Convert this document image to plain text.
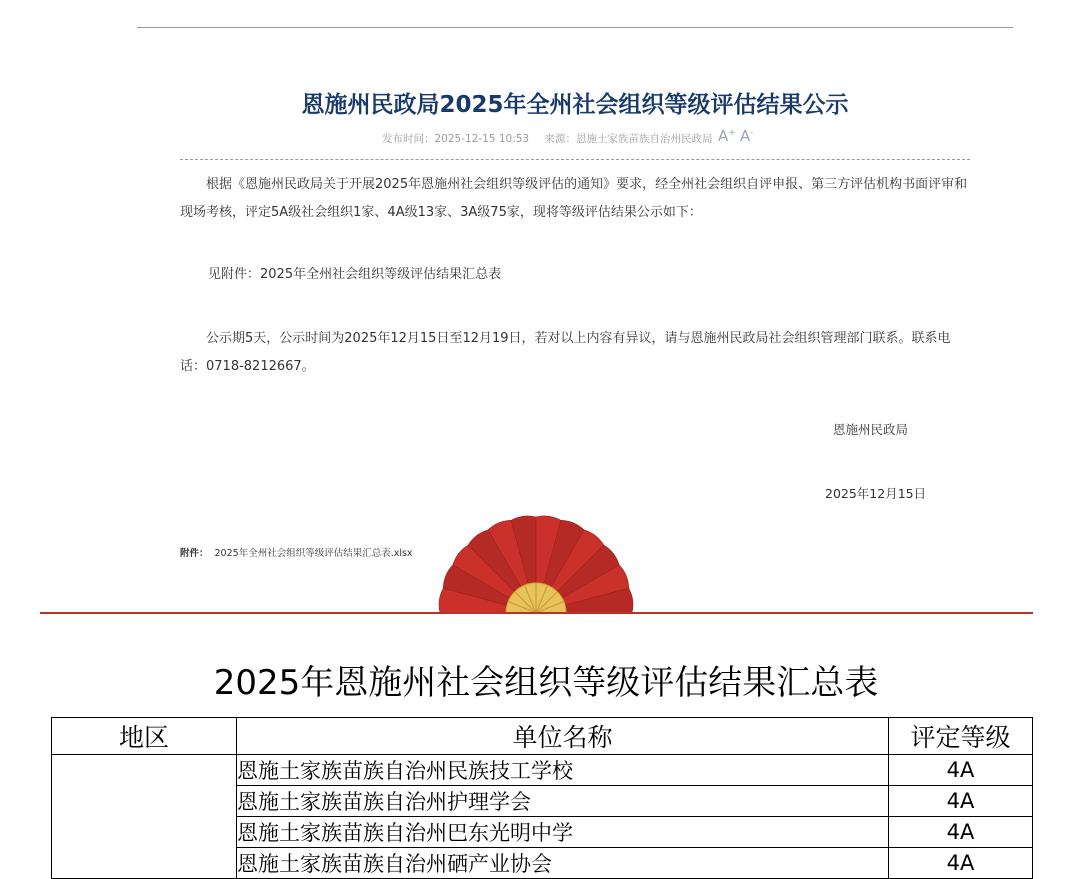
恩施州民政局2025年全州社会组织等级评估结果公示
发布时间：2025-12-15 10:53 来源：恩施土家族苗族自治州民政局 A+ A-
根据《恩施州民政局关于开展2025年恩施州社会组织等级评估的通知》要求，经全州社会组织自评申报、第三方评估机构书面评审和现场考核，评定5A级社会组织1家、4A级13家、3A级75家，现将等级评估结果公示如下：
见附件：2025年全州社会组织等级评估结果汇总表
公示期5天，公示时间为2025年12月15日至12月19日，若对以上内容有异议，请与恩施州民政局社会组织管理部门联系。联系电话：0718-8212667。
恩施州民政局
2025年12月15日
附件： 2025年全州社会组织等级评估结果汇总表.xlsx
2025年恩施州社会组织等级评估结果汇总表
地区	单位名称	评定等级
	恩施土家族苗族自治州民族技工学校	4A
	恩施土家族苗族自治州护理学会	4A
	恩施土家族苗族自治州巴东光明中学	4A
	恩施土家族苗族自治州硒产业协会	4A
